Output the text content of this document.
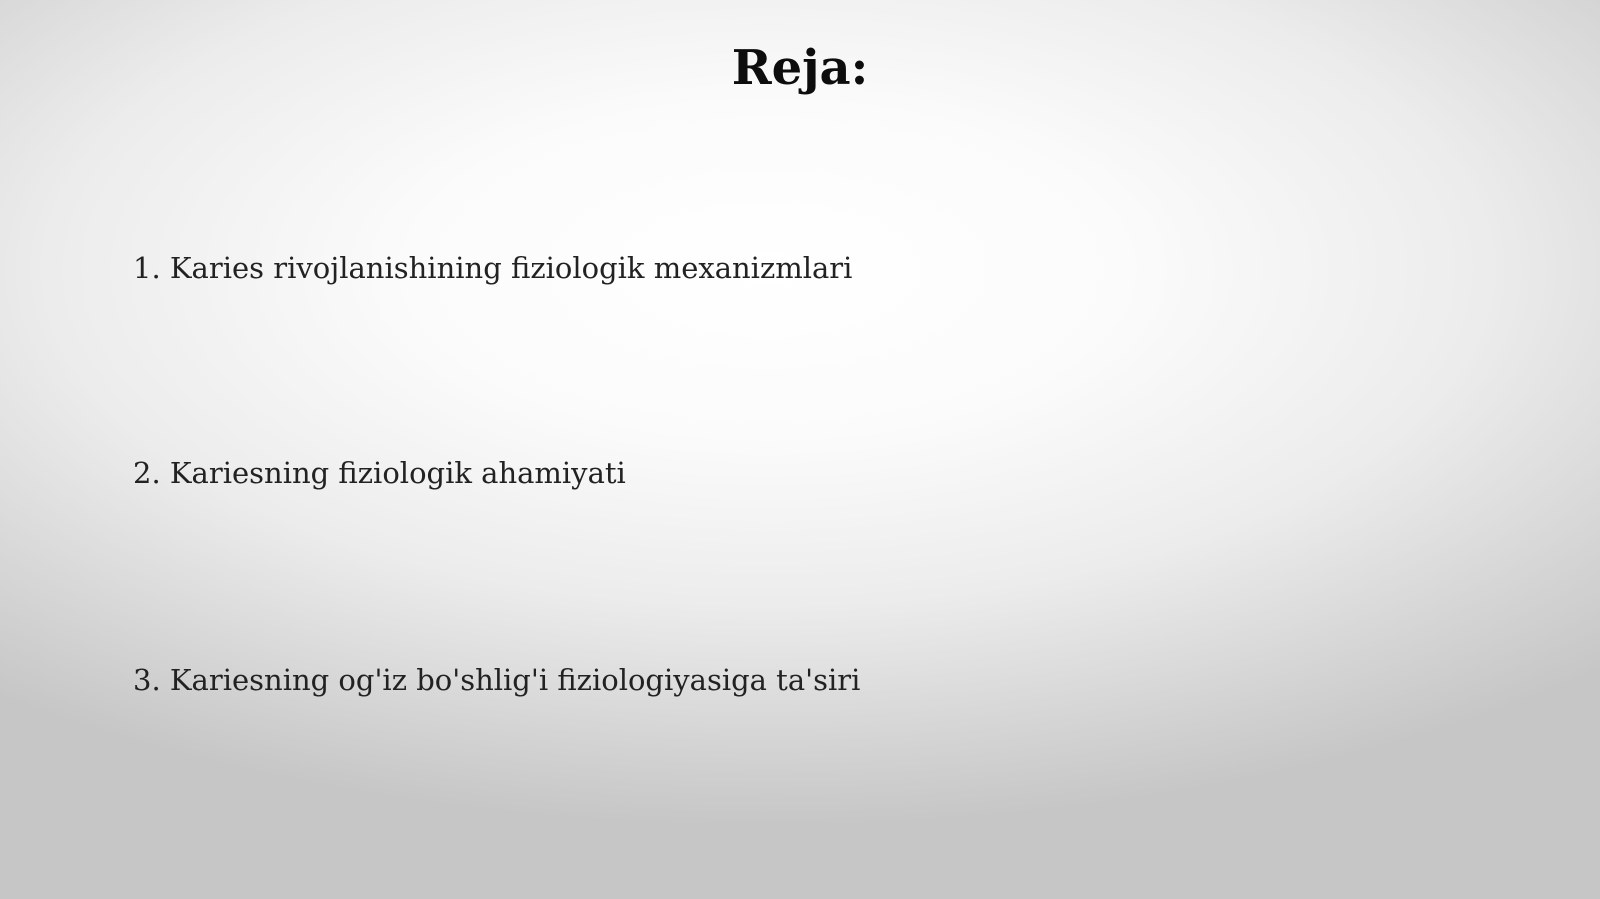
Reja:
1. Karies rivojlanishining fiziologik mexanizmlari
2. Kariesning fiziologik ahamiyati
3. Kariesning og'iz bo'shlig'i fiziologiyasiga ta'siri
